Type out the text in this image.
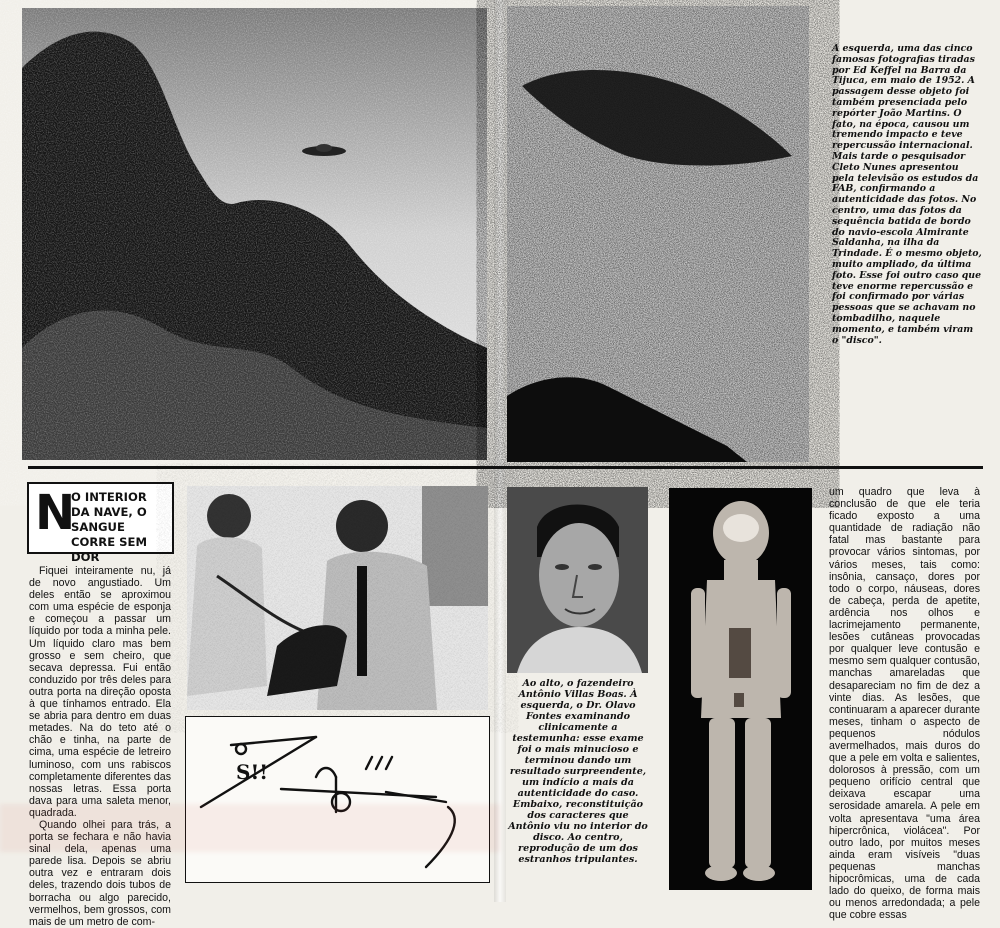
A esquerda, uma das cinco famosas fotografias tiradas por Ed Keffel na Barra da Tijuca, em maio de 1952. A passagem desse objeto foi também presenciada pelo repórter João Martins. O fato, na época, causou um tremendo impacto e teve repercussão internacional. Mais tarde o pesquisador Cleto Nunes apresentou pela televisão os estudos da FAB, confirmando a autenticidade das fotos. No centro, uma das fotos da sequência batida de bordo do navio-escola Almirante Saldanha, na ilha da Trindade. É o mesmo objeto, muito ampliado, da última foto. Esse foi outro caso que teve enorme repercussão e foi confirmado por várias pessoas que se achavam no tombadilho, naquele momento, e também viram o "disco".
N
O INTERIOR DA NAVE, O SANGUE CORRE SEM DOR

Fiquei inteiramente nu, já de novo angustiado. Um deles então se aproximou com uma espécie de esponja e começou a passar um líquido por toda a minha pele. Um líquido claro mas bem grosso e sem cheiro, que secava depressa. Fui então conduzido por três deles para outra porta na direção oposta à que tínhamos entrado. Ela se abria para dentro em duas metades. Na do teto até o chão e tinha, na parte de cima, uma espécie de letreiro luminoso, com uns rabiscos completamente diferentes das nossas letras. Essa porta dava para uma saleta menor, quadrada.

Quando olhei para trás, a porta se fechara e não havia sinal dela, apenas uma parede lisa. Depois se abriu outra vez e entraram dois deles, trazendo dois tubos de borracha ou algo parecido, vermelhos, bem grossos, com mais de um metro de com-

S!!
Ao alto, o fazendeiro Antônio Villas Boas. À esquerda, o Dr. Olavo Fontes examinando clinicamente a testemunha: esse exame foi o mais minucioso e terminou dando um resultado surpreendente, um indício a mais da autenticidade do caso. Embaixo, reconstituição dos caracteres que Antônio viu no interior do disco. Ao centro, reprodução de um dos estranhos tripulantes.

um quadro que leva à conclusão de que ele teria ficado exposto a uma quantidade de radiação não fatal mas bastante para provocar vários sintomas, por vários meses, tais como: insônia, cansaço, dores por todo o corpo, náuseas, dores de cabeça, perda de apetite, ardência nos olhos e lacrimejamento permanente, lesões cutâneas provocadas por qualquer leve contusão e mesmo sem qualquer contusão, manchas amareladas que desapareciam no fim de dez a vinte dias. As lesões, que continuaram a aparecer durante meses, tinham o aspecto de pequenos nódulos avermelhados, mais duros do que a pele em volta e salientes, dolorosos à pressão, com um pequeno orifício central que deixava escapar uma serosidade amarela. A pele em volta apresentava "uma área hipercrônica, violácea". Por outro lado, por muitos meses ainda eram visíveis "duas pequenas manchas hipocrômicas, uma de cada lado do queixo, de forma mais ou menos arredondada; a pele que cobre essas
